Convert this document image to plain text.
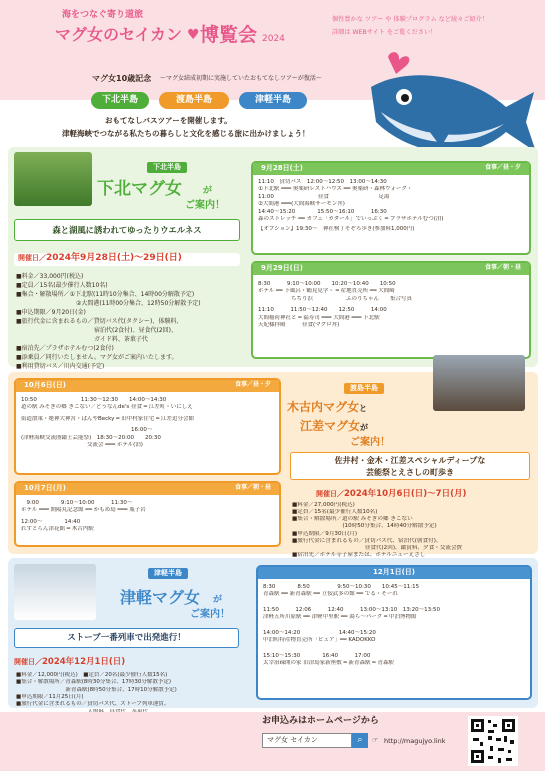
海をつなぐ寄り道旅
マグ女のセイカン ♥ 博覧会 2024
個性豊かな ツアー や 体験プログラム など続々ご紹介！
詳細は WEBサイト をご覧ください！
マグ女10歳記念 ～マグ女結成初期に実施していたおもてなしツアーが復活～
下北半島	渡島半島	津軽半島
おもてなしバスツアーを開催します。
津軽海峡でつながる私たちの暮らしと文化を感じる旅に出かけましょう！
下北半島
下北マグ女 が
ご案内！
森と湖風に誘われてゆったりウエルネス
開催日／2024年9月28日(土)～29日(日)
■料金／33,000円(税込)
■定員／15名(最少催行人数10名)
■集合・解散場所／①下北駅(11時10分集合、14時00分解散予定)
　　　　　　　　　　②大間港(11時00分集合、12時50分解散予定)
■申込期限／9月20日(金)
■旅行代金に含まれるもの／貸切バス代(タクシー)、体験料、
　　　　　　　　　　　　　宿泊代(2食付)、昼食代(2回)、
　　　　　　　　　　　　　ガイド料、茶菓子代
■宿泊先／プラザホテルむつ(2食付)
■添乗員／同行いたしません。マグ女がご案内いたします。
■利用貸切バス／川内交通(予定)
9月28日(土)	食事／昼・夕
11:10　貸切バス　12:00～12:50　13:00～14:30
①下北駅 ━━━ 奥薬研レストハウス ━━ 奥薬研・森林ウォーク・
11:00　　　　　　　　昼食　　　　　　　　　足湯
②大間港 ━━━(大間海峡サーモン丼)
14:40～15:20　　　　15:50～16:10　　　16:30
森のストレッチ ━━ カフェ「カダール」でいっぷく ━ プラザホテルむつ(泊)
【オプション】19:30～　神社検丁そぞろ歩き(参加料1,000円)
9月29日(日)	食事／朝・昼
8:30　　　9:10～10:00　　10:20～10:40　　10:50
ホテル ━━ 下風呂・鶴見見学・ ━ 産地直売所 ━━ 大間崎
　　　　　　ちぢり浜　　　　　　ふのりちゃん　　集合写真
11:10　　　11:50～12:40　　12:50　　　14:00
大間稲荷神社と ━ 福寿司 ━━━ 大間港 ━━━ 下北駅
天妃様拝殿　　　昼食(マグロ丼)
10月6日(日)	食事／昼・夕
10:50　　　　　　　　11:30～12:30　　14:00～14:30
道の駅 みそぎの郷 きこない／どうなんde's 昼食 ━ 江差町・いにしえ
街道散策・姥神大神宮・ぱんやBecky ━ 旧中村家住宅 ━ 江差追分会館
　　　　　　　　　　　　　　　　　　　　16:00～
(津軽海峡交流圏鑑士芸能祭)　18:30～20:00　　20:30
　　　　　　　　　　　　交流会 ━━━ ホテル(泊)
10月7日(月)	食事／朝・昼
　9:00　　　　9:10～10:00　　　11:30～
ホテル ━━━ 開陽丸記念館 ━━ かもめ島 ━━━ 瓶子岩
12:00～　　　　14:40
れすとらん津花館 ━ 木古内駅
渡島半島
木古内マグ女と
江差マグ女が
ご案内！
佐井村・金木・江差スペシャルディープな
芸能祭とえさしの町歩き
開催日／2024年10月6日(日)～7日(月)
■料金／27,000円(税込)
■定員／15名(最少催行人数10名)
■集合・解散場所／道の駅 みそぎの郷 きこない
　　　　　　　　　(10時50分集合、14時40分解散予定)
■申込期限／9月30日(月)
■旅行代金に含まれるもの／貸切バス代、宿泊代(朝食付)、
　　　　　　　　　　　　　昼食代(2回)、鑑賞料、夕食・交流会費
■宿泊先／ホテル寺子屋または、ホテルニューえさし
津軽半島
津軽マグ女 が
ご案内！
ストーブ一番列車で出発進行！
開催日／2024年12月1日(日)
■料金／12,000円(税込)　■定員／20名(最少催行人数15名)
■集合・解散場所／青森駅(8時30分集合、17時30分解散予定)
　　　　　　　　　新青森駅(8時50分集合、17時10分解散予定)
■申込期限／11月25日(月)
■旅行代金に含まれるもの／貸切バス代、ストーブ列車運賃、
12月1日(日)
8:30　　　　8:50　　　　　9:50～10:30　　10:45～11:15
青森駅 ━━ 新青森駅 ━━ 立佞武多の館 ━━ でる・そーれ
11:50　　　12:06　　　12:40　　　13:00～13:10　13:20～13:50
津軽五所川原駅 ━━ 津軽中里駅 ━━ 湯ら～パーク ━ 中泊博物館
14:00～14:20　　　　　　　14:40～15:20
中泊町特産物直売所「ピュア」━━ KADOKKO
15:10～15:30　　　　16:40　　　17:00
太宰治疎開の家 旧津島家新座敷 ━ 新青森駅 ━ 青森駅
お申込みはホームページから
マグ女 セイカン	⌕	☞ http://magujyo.link
